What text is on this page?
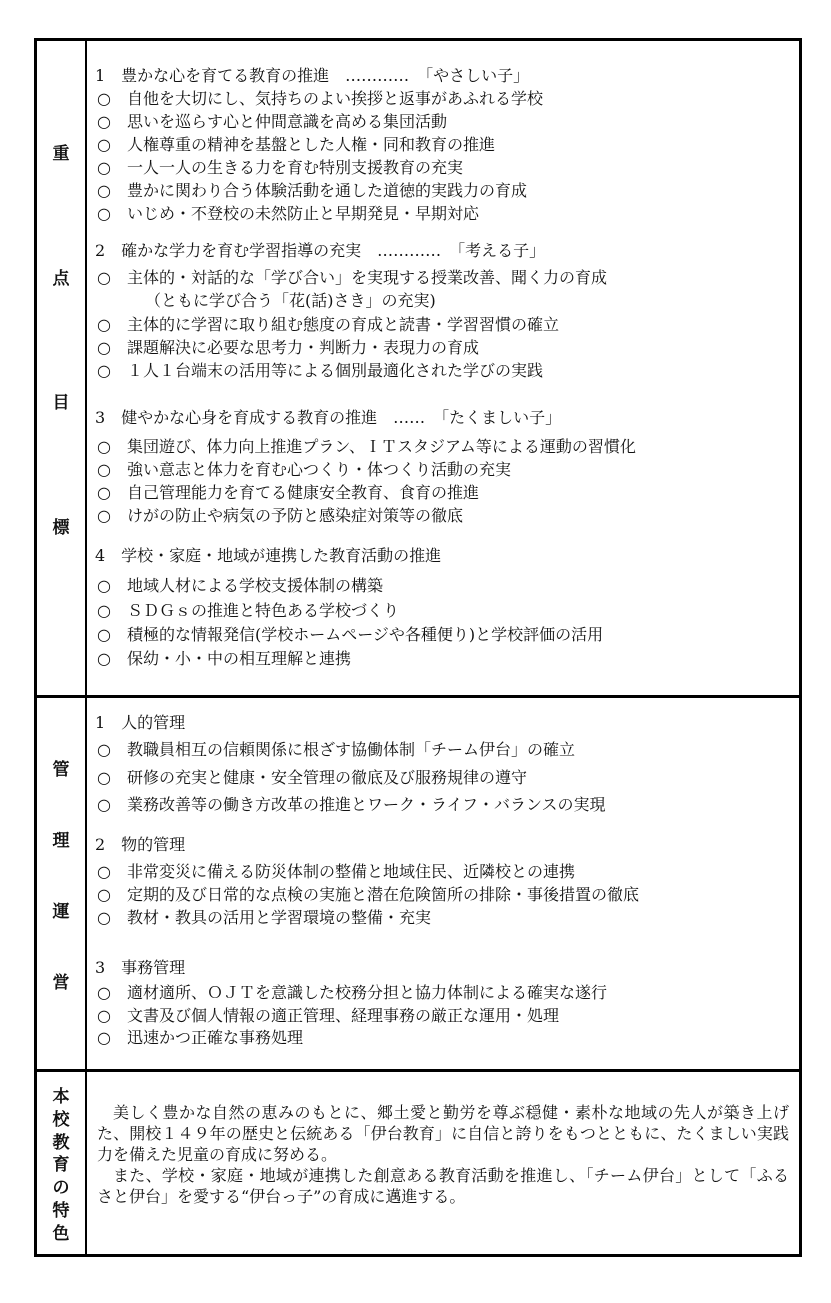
重
点
目
標
1　豊かな心を育てる教育の推進　…………　「やさしい子」
○　自他を大切にし、気持ちのよい挨拶と返事があふれる学校
○　思いを巡らす心と仲間意識を高める集団活動
○　人権尊重の精神を基盤とした人権・同和教育の推進
○　一人一人の生きる力を育む特別支援教育の充実
○　豊かに関わり合う体験活動を通した道徳的実践力の育成
○　いじめ・不登校の未然防止と早期発見・早期対応
2　確かな学力を育む学習指導の充実　…………　「考える子」
○　主体的・対話的な「学び合い」を実現する授業改善、聞く力の育成
（ともに学び合う「花(話)さき」の充実)
○　主体的に学習に取り組む態度の育成と読書・学習習慣の確立
○　課題解決に必要な思考力・判断力・表現力の育成
○　１人１台端末の活用等による個別最適化された学びの実践
3　健やかな心身を育成する教育の推進　……　「たくましい子」
○　集団遊び、体力向上推進プラン、ＩＴスタジアム等による運動の習慣化
○　強い意志と体力を育む心つくり・体つくり活動の充実
○　自己管理能力を育てる健康安全教育、食育の推進
○　けがの防止や病気の予防と感染症対策等の徹底
4　学校・家庭・地域が連携した教育活動の推進
○　地域人材による学校支援体制の構築
○　ＳＤＧｓの推進と特色ある学校づくり
○　積極的な情報発信(学校ホームページや各種便り)と学校評価の活用
○　保幼・小・中の相互理解と連携
管
理
運
営
1　人的管理
○　教職員相互の信頼関係に根ざす協働体制「チーム伊台」の確立
○　研修の充実と健康・安全管理の徹底及び服務規律の遵守
○　業務改善等の働き方改革の推進とワーク・ライフ・バランスの実現
2　物的管理
○　非常変災に備える防災体制の整備と地域住民、近隣校との連携
○　定期的及び日常的な点検の実施と潜在危険箇所の排除・事後措置の徹底
○　教材・教具の活用と学習環境の整備・充実
3　事務管理
○　適材適所、ＯＪＴを意識した校務分担と協力体制による確実な遂行
○　文書及び個人情報の適正管理、経理事務の厳正な運用・処理
○　迅速かつ正確な事務処理
本
校
教
育
の
特
色

美しく豊かな自然の恵みのもとに、郷土愛と勤労を尊ぶ穏健・素朴な地域の先人が築き上げた、開校１４９年の歴史と伝統ある「伊台教育」に自信と誇りをもつとともに、たくましい実践力を備えた児童の育成に努める。

また、学校・家庭・地域が連携した創意ある教育活動を推進し、「チーム伊台」として「ふるさと伊台」を愛する“伊台っ子”の育成に邁進する。
